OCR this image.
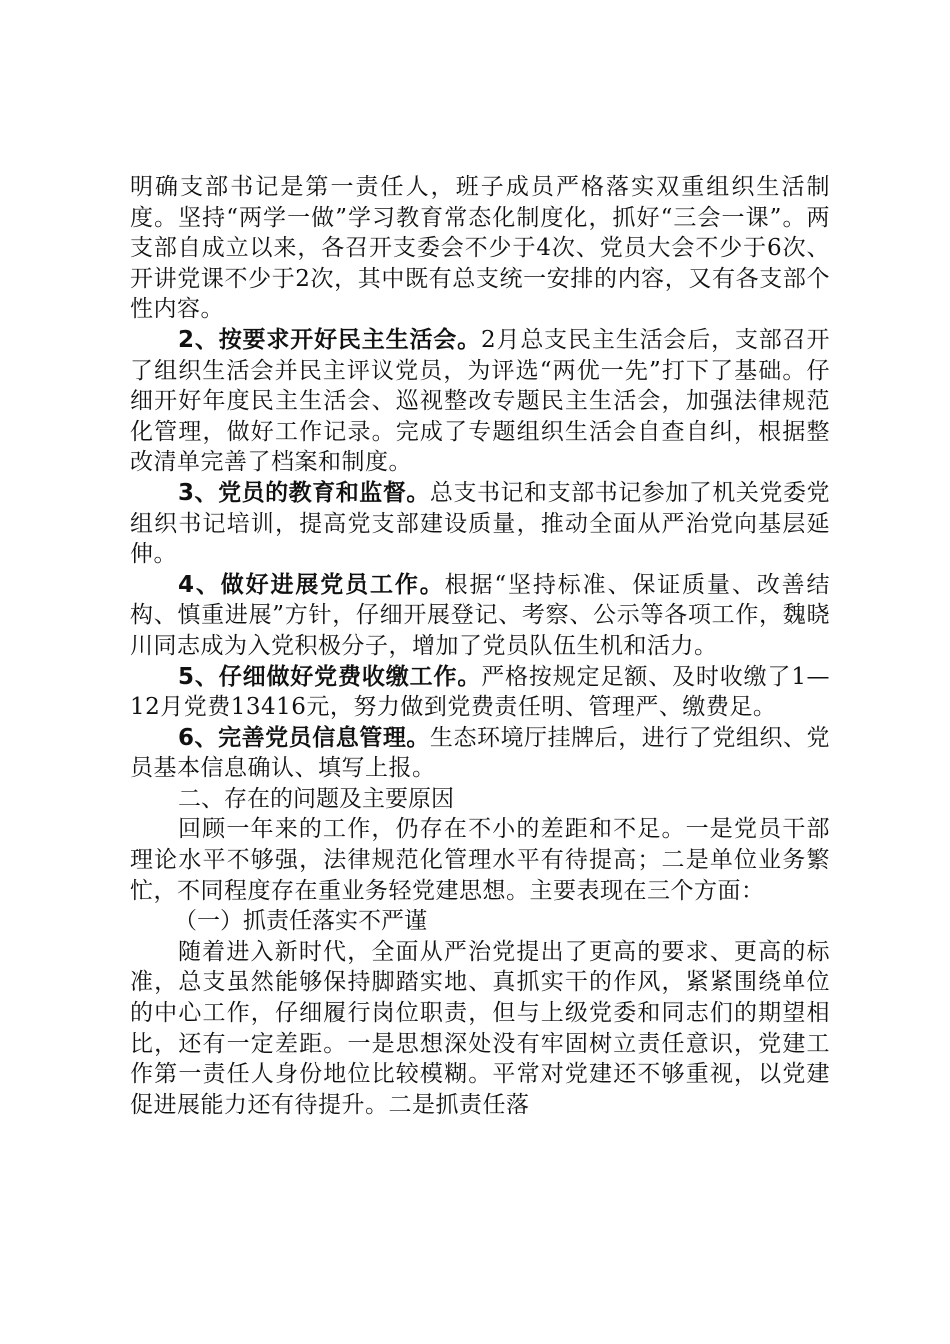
明确支部书记是第一责任人，班子成员严格落实双重组织生活制度。坚持“两学一做”学习教育常态化制度化，抓好“三会一课”。两支部自成立以来，各召开支委会不少于4次、党员大会不少于6次、开讲党课不少于2次，其中既有总支统一安排的内容，又有各支部个性内容。

2、按要求开好民主生活会。2月总支民主生活会后，支部召开了组织生活会并民主评议党员，为评选“两优一先”打下了基础。仔细开好年度民主生活会、巡视整改专题民主生活会，加强法律规范化管理，做好工作记录。完成了专题组织生活会自查自纠，根据整改清单完善了档案和制度。

3、党员的教育和监督。总支书记和支部书记参加了机关党委党组织书记培训，提高党支部建设质量，推动全面从严治党向基层延伸。

4、做好进展党员工作。根据“坚持标准、保证质量、改善结构、慎重进展”方针，仔细开展登记、考察、公示等各项工作，魏晓川同志成为入党积极分子，增加了党员队伍生机和活力。

5、仔细做好党费收缴工作。严格按规定足额、及时收缴了1—12月党费13416元，努力做到党费责任明、管理严、缴费足。

6、完善党员信息管理。生态环境厅挂牌后，进行了党组织、党员基本信息确认、填写上报。

二、存在的问题及主要原因

回顾一年来的工作，仍存在不小的差距和不足。一是党员干部理论水平不够强，法律规范化管理水平有待提高；二是单位业务繁忙，不同程度存在重业务轻党建思想。主要表现在三个方面：

（一）抓责任落实不严谨

随着进入新时代，全面从严治党提出了更高的要求、更高的标准，总支虽然能够保持脚踏实地、真抓实干的作风，紧紧围绕单位的中心工作，仔细履行岗位职责，但与上级党委和同志们的期望相比，还有一定差距。一是思想深处没有牢固树立责任意识，党建工作第一责任人身份地位比较模糊。平常对党建还不够重视，以党建促进展能力还有待提升。二是抓责任落
